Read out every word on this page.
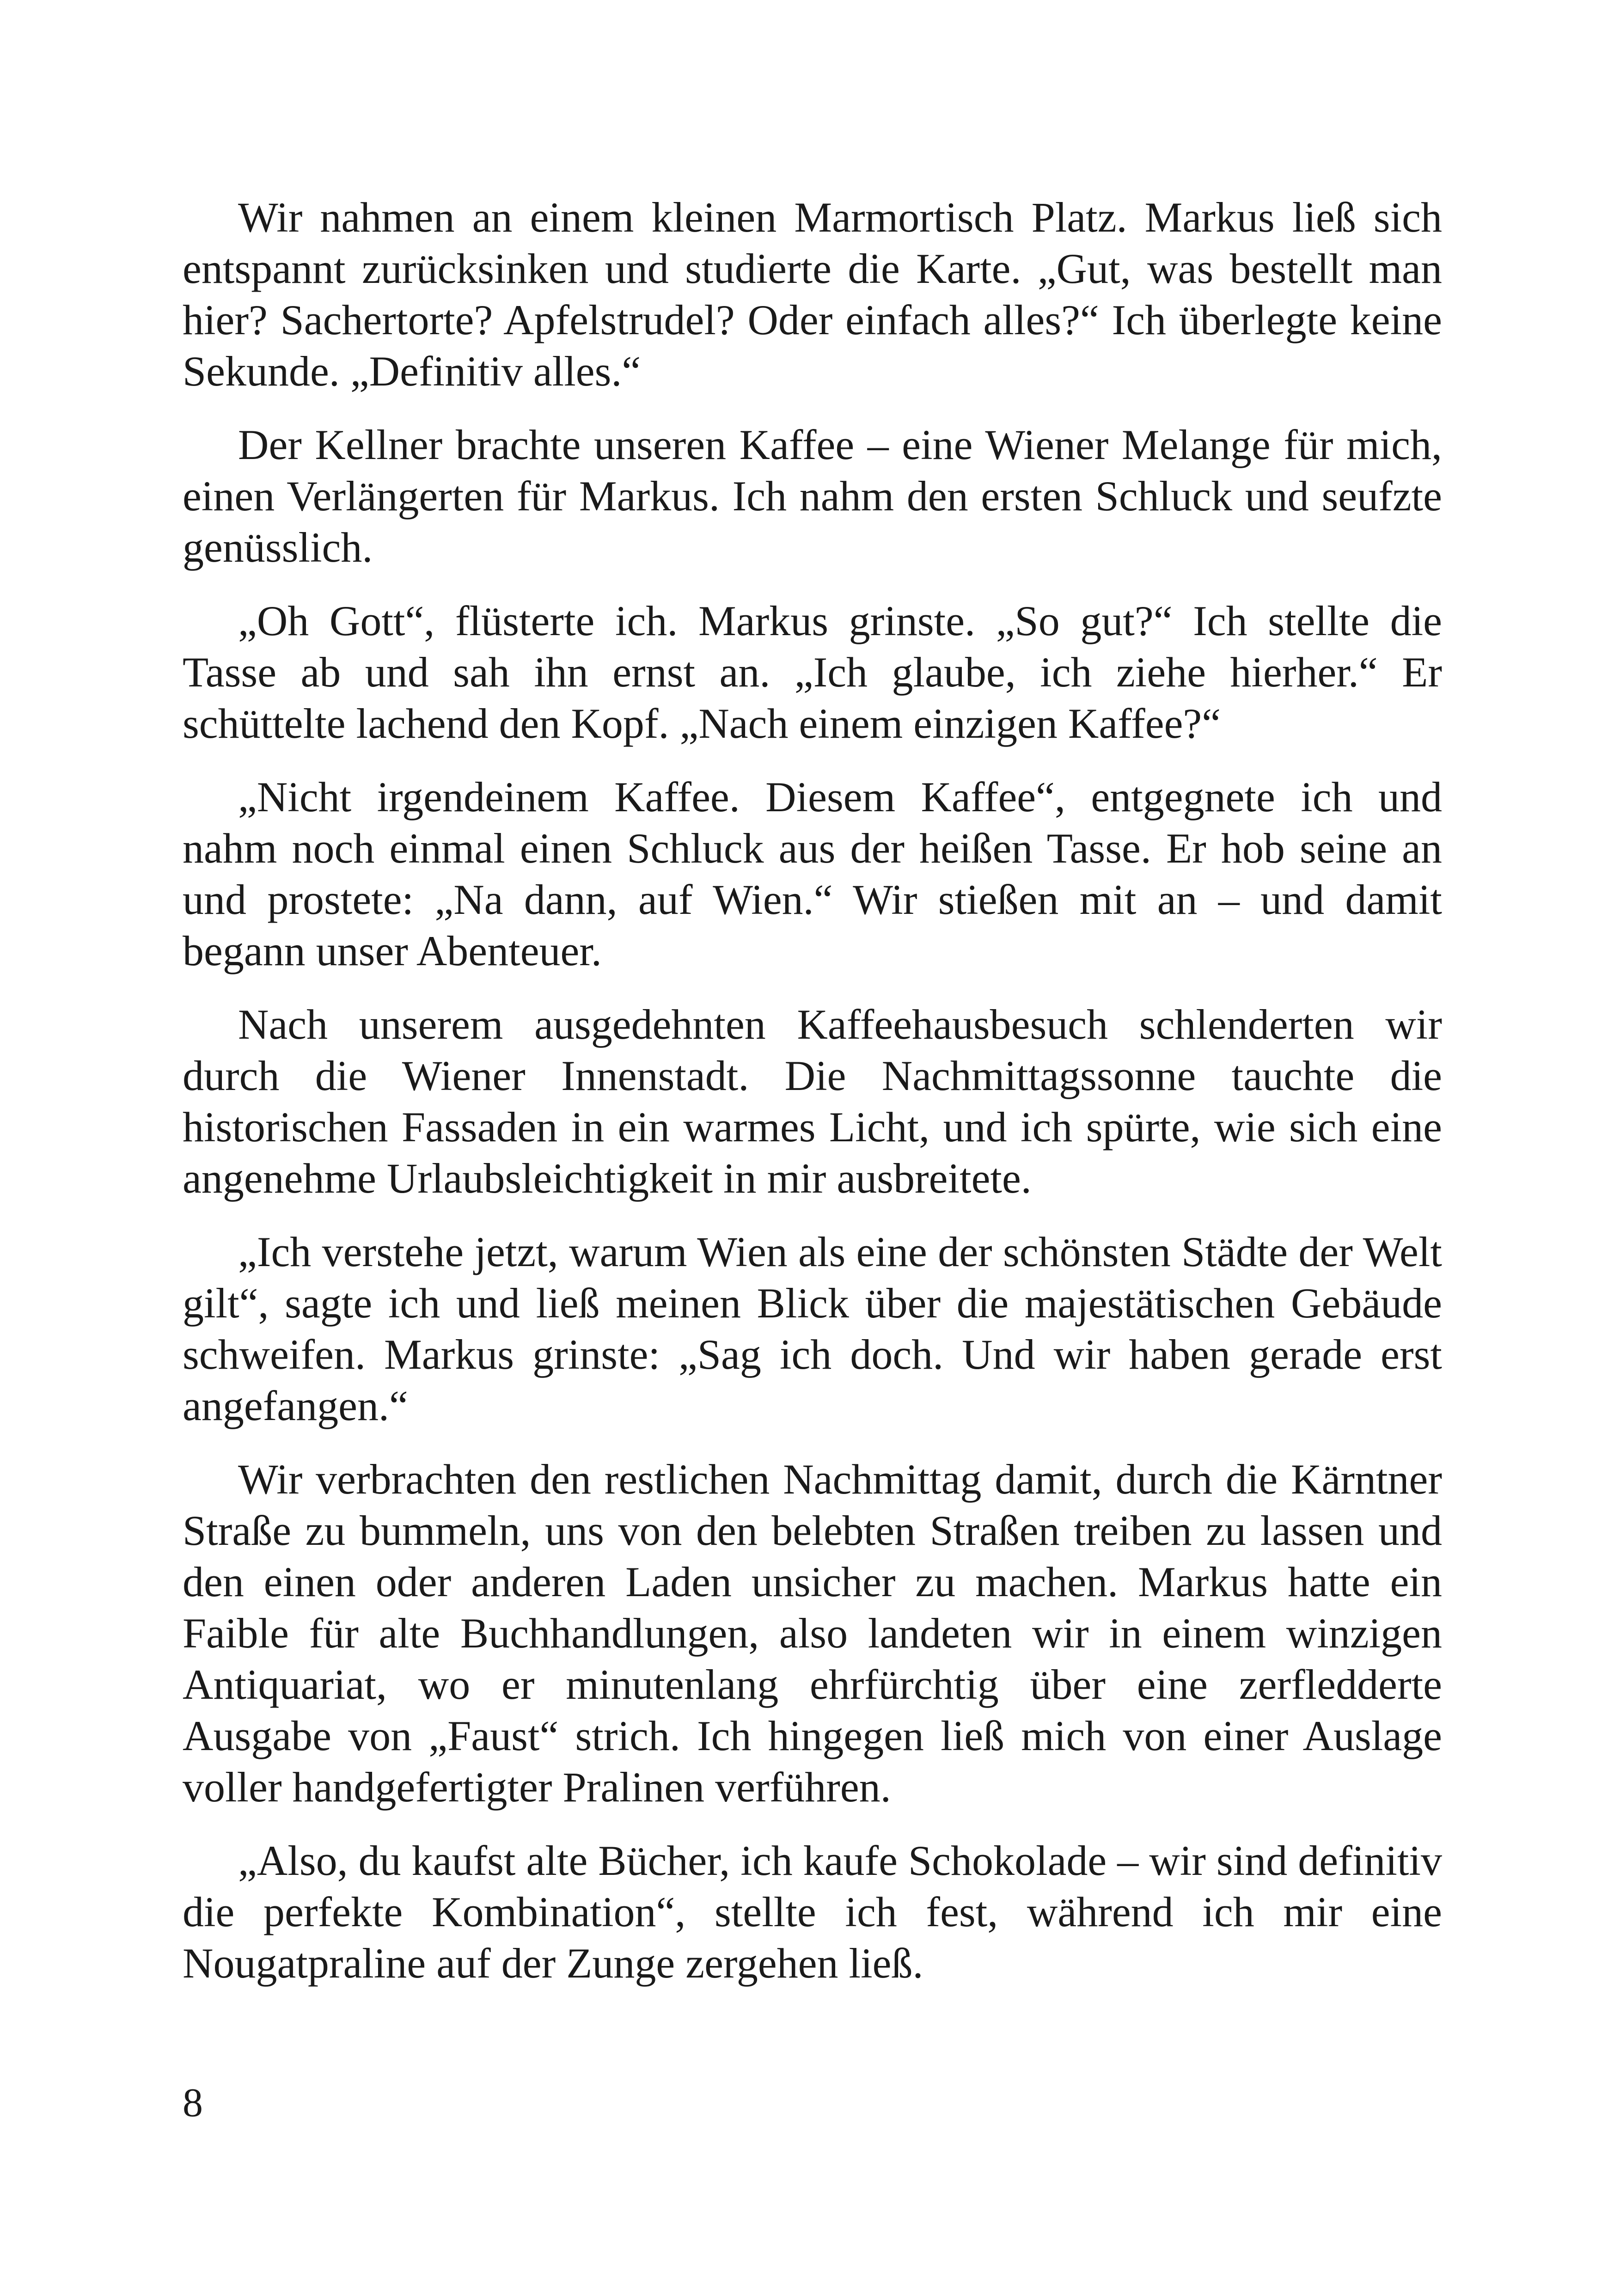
Wir nahmen an einem kleinen Marmortisch Platz. Markus ließ sich entspannt zurücksinken und studierte die Karte. „Gut, was bestellt man hier? Sachertorte? Apfelstrudel? Oder einfach alles?“ Ich überlegte keine Sekunde. „Definitiv alles.“

Der Kellner brachte unseren Kaffee – eine Wiener Melange für mich, einen Verlängerten für Markus. Ich nahm den ersten Schluck und seufzte genüsslich.

„Oh Gott“, flüsterte ich. Markus grinste. „So gut?“ Ich stellte die Tasse ab und sah ihn ernst an. „Ich glaube, ich ziehe hierher.“ Er schüttelte lachend den Kopf. „Nach einem einzigen Kaffee?“

„Nicht irgendeinem Kaffee. Diesem Kaffee“, entgegnete ich und nahm noch einmal einen Schluck aus der heißen Tasse. Er hob seine an und prostete: „Na dann, auf Wien.“ Wir stießen mit an – und damit begann unser Abenteuer.

Nach unserem ausgedehnten Kaffeehausbesuch schlenderten wir durch die Wiener Innenstadt. Die Nachmittagssonne tauchte die historischen Fassaden in ein warmes Licht, und ich spürte, wie sich eine angenehme Urlaubsleichtigkeit in mir ausbreitete.

„Ich verstehe jetzt, warum Wien als eine der schönsten Städte der Welt gilt“, sagte ich und ließ meinen Blick über die majestätischen Gebäude schweifen. Markus grinste: „Sag ich doch. Und wir haben gerade erst angefangen.“

Wir verbrachten den restlichen Nachmittag damit, durch die Kärntner Straße zu bummeln, uns von den belebten Straßen treiben zu lassen und den einen oder anderen Laden unsicher zu machen. Markus hatte ein Faible für alte Buchhandlungen, also landeten wir in einem winzigen Antiquariat, wo er minutenlang ehrfürchtig über eine zerfledderte Ausgabe von „Faust“ strich. Ich hingegen ließ mich von einer Auslage voller handgefertigter Pralinen verführen.

„Also, du kaufst alte Bücher, ich kaufe Schokolade – wir sind definitiv die perfekte Kombination“, stellte ich fest, während ich mir eine Nougatpraline auf der Zunge zergehen ließ.

8
